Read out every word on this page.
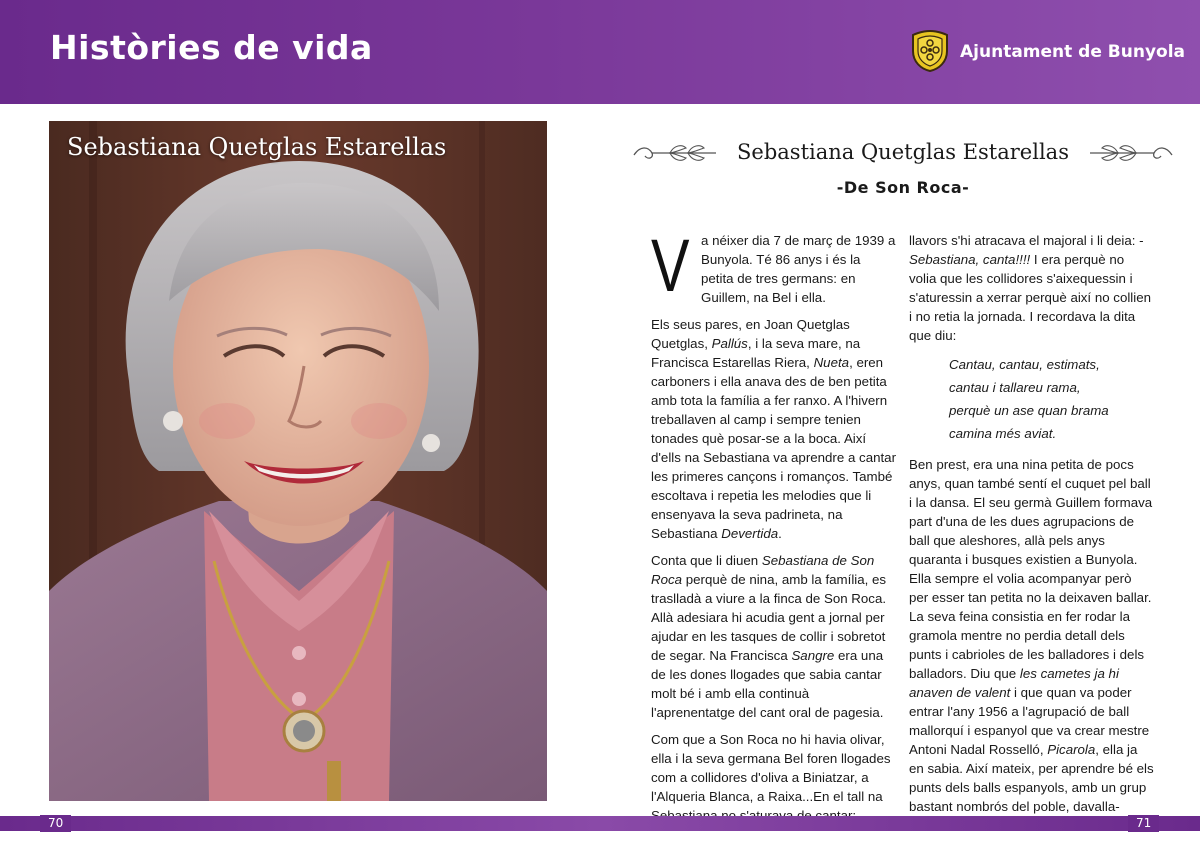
Històries de vida	Ajuntament de Bunyola
Sebastiana Quetglas Estarellas	Sebastiana Quetglas Estarellas
-De Son Roca-

Va néixer dia 7 de març de 1939 a Bunyola. Té 86 anys i és la petita de tres germans: en Guillem, na Bel i ella.

Els seus pares, en Joan Quetglas Quetglas, Pallús, i la seva mare, na Francisca Estarellas Riera, Nueta, eren carboners i ella anava des de ben petita amb tota la família a fer ranxo. A l'hivern treballaven al camp i sempre tenien tonades què posar-se a la boca. Així d'ells na Sebastiana va aprendre a cantar les primeres cançons i romanços. També escoltava i repetia les melodies que li ensenyava la seva padrineta, na Sebastiana Devertida.

Conta que li diuen Sebastiana de Son Roca perquè de nina, amb la família, es traslladà a viure a la finca de Son Roca. Allà adesiara hi acudia gent a jornal per ajudar en les tasques de collir i sobretot de segar. Na Francisca Sangre era una de les dones llogades que sabia cantar molt bé i amb ella continuà l'aprenentatge del cant oral de pagesia.

Com que a Son Roca no hi havia olivar, ella i la seva germana Bel foren llogades com a collidores d'oliva a Biniatzar, a l'Alqueria Blanca, a Raixa...En el tall na

llavors s'hi atracava el majoral i li deia: - Sebastiana, canta!!!! I era perquè no volia que les collidores s'aixequessin i s'aturessin a xerrar perquè així no collien i no retia la jornada. I recordava la dita que diu:

Cantau, cantau, estimats,
cantau i tallareu rama,
perquè un ase quan brama
camina més aviat.

Ben prest, era una nina petita de pocs anys, quan també sentí el cuquet pel ball i la dansa. El seu germà Guillem formava part d'una de les dues agrupacions de ball que aleshores, allà pels anys quaranta i busques existien a Bunyola. Ella sempre el volia acompanyar però per esser tan petita no la deixaven ballar. La seva feina consistia en fer rodar la gramola mentre no perdia detall dels punts i cabrioles de les balladores i dels balladors. Diu que les cametes ja hi anaven de valent i que quan va poder entrar l'any 1956 a l'agrupació de ball mallorquí i espanyol que va crear mestre Antoni Nadal Rosselló, Picarola, ella ja en sabia. Així mateix, per aprendre bé els punts dels balls espanyols, amb un grup bastant nombrós del poble, davalla-

70	71
